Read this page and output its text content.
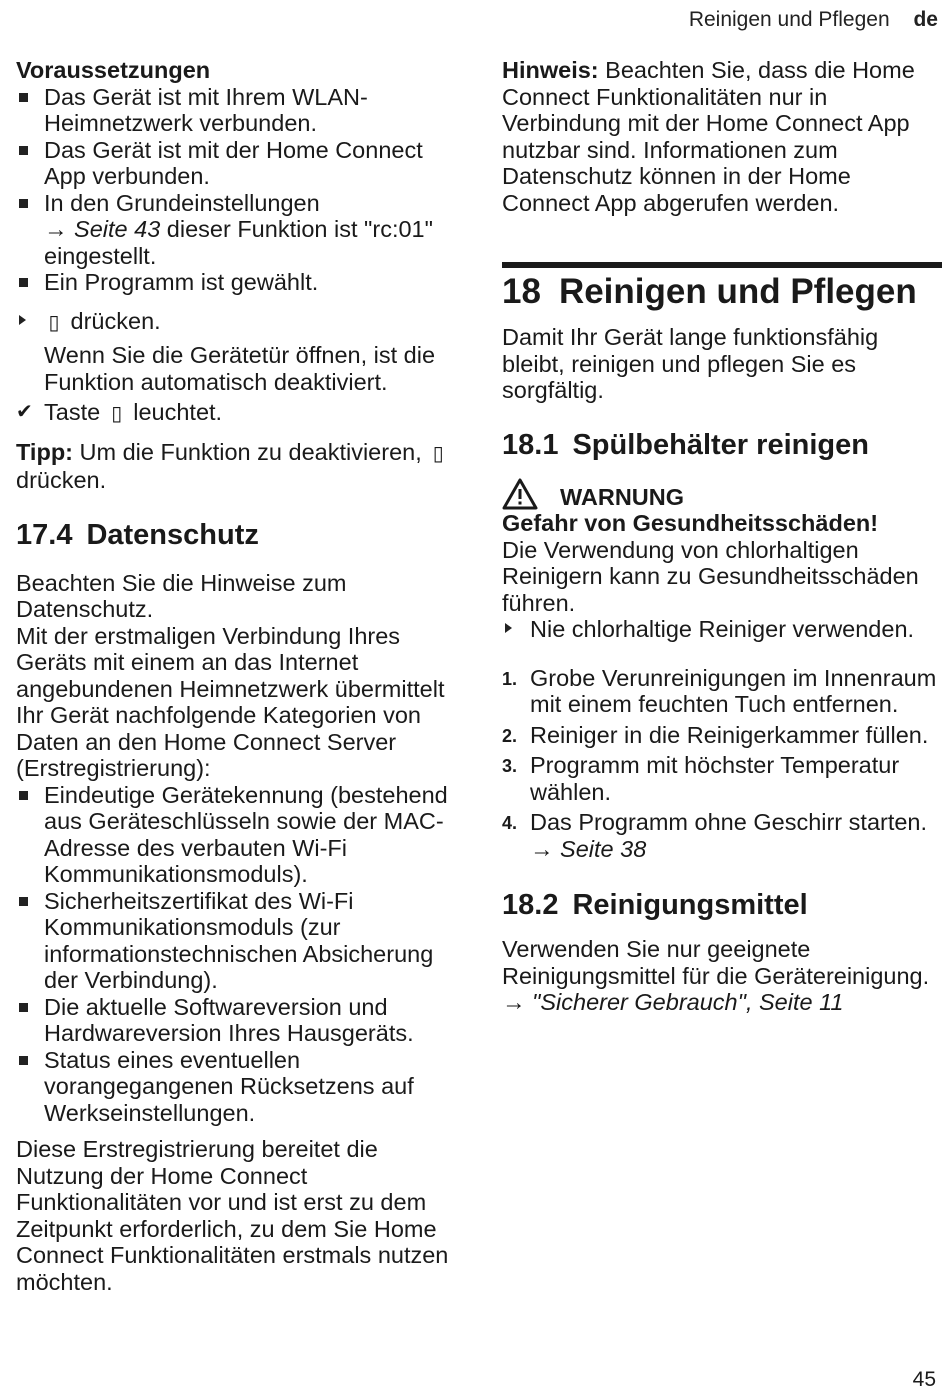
Reinigen und Pflegen de

Voraussetzungen

Das Gerät ist mit Ihrem WLAN-Heimnetzwerk verbunden.
Das Gerät ist mit der Home Connect App verbunden.
In den Grundeinstellungen
→ Seite 43 dieser Funktion ist "rc:01" eingestellt.
Ein Programm ist gewählt.
▯ drücken.

Wenn Sie die Gerätetür öffnen, ist die Funktion automatisch deaktiviert.

✔ Taste ▯ leuchtet.

Tipp: Um die Funktion zu deaktivieren, ▯ drücken.

17.4 Datenschutz

Beachten Sie die Hinweise zum Datenschutz.

Mit der erstmaligen Verbindung Ihres Geräts mit einem an das Internet angebundenen Heimnetzwerk übermittelt Ihr Gerät nachfolgende Kategorien von Daten an den Home Connect Server (Erstregistrierung):

Eindeutige Gerätekennung (bestehend aus Geräteschlüsseln sowie der MAC-Adresse des verbauten Wi-Fi Kommunikationsmoduls).
Sicherheitszertifikat des Wi-Fi Kommunikationsmoduls (zur informationstechnischen Absicherung der Verbindung).
Die aktuelle Softwareversion und Hardwareversion Ihres Hausgeräts.
Status eines eventuellen vorangegangenen Rücksetzens auf Werkseinstellungen.

Diese Erstregistrierung bereitet die Nutzung der Home Connect Funktionalitäten vor und ist erst zu dem Zeitpunkt erforderlich, zu dem Sie Home Connect Funktionalitäten erstmals nutzen möchten.

Hinweis: Beachten Sie, dass die Home Connect Funktionalitäten nur in Verbindung mit der Home Connect App nutzbar sind. Informationen zum Datenschutz können in der Home Connect App abgerufen werden.

18 Reinigen und Pflegen

Damit Ihr Gerät lange funktionsfähig bleibt, reinigen und pflegen Sie es sorgfältig.

18.1 Spülbehälter reinigen

WARNUNG

Gefahr von Gesundheitsschäden!

Die Verwendung von chlorhaltigen Reinigern kann zu Gesundheitsschäden führen.

Nie chlorhaltige Reiniger verwenden.
1. Grobe Verunreinigungen im Innenraum mit einem feuchten Tuch entfernen.
2. Reiniger in die Reinigerkammer füllen.
3. Programm mit höchster Temperatur wählen.
4. Das Programm ohne Geschirr starten. → Seite 38
18.2 Reinigungsmittel

Verwenden Sie nur geeignete Reinigungsmittel für die Gerätereinigung.
→ "Sicherer Gebrauch", Seite 11

45
